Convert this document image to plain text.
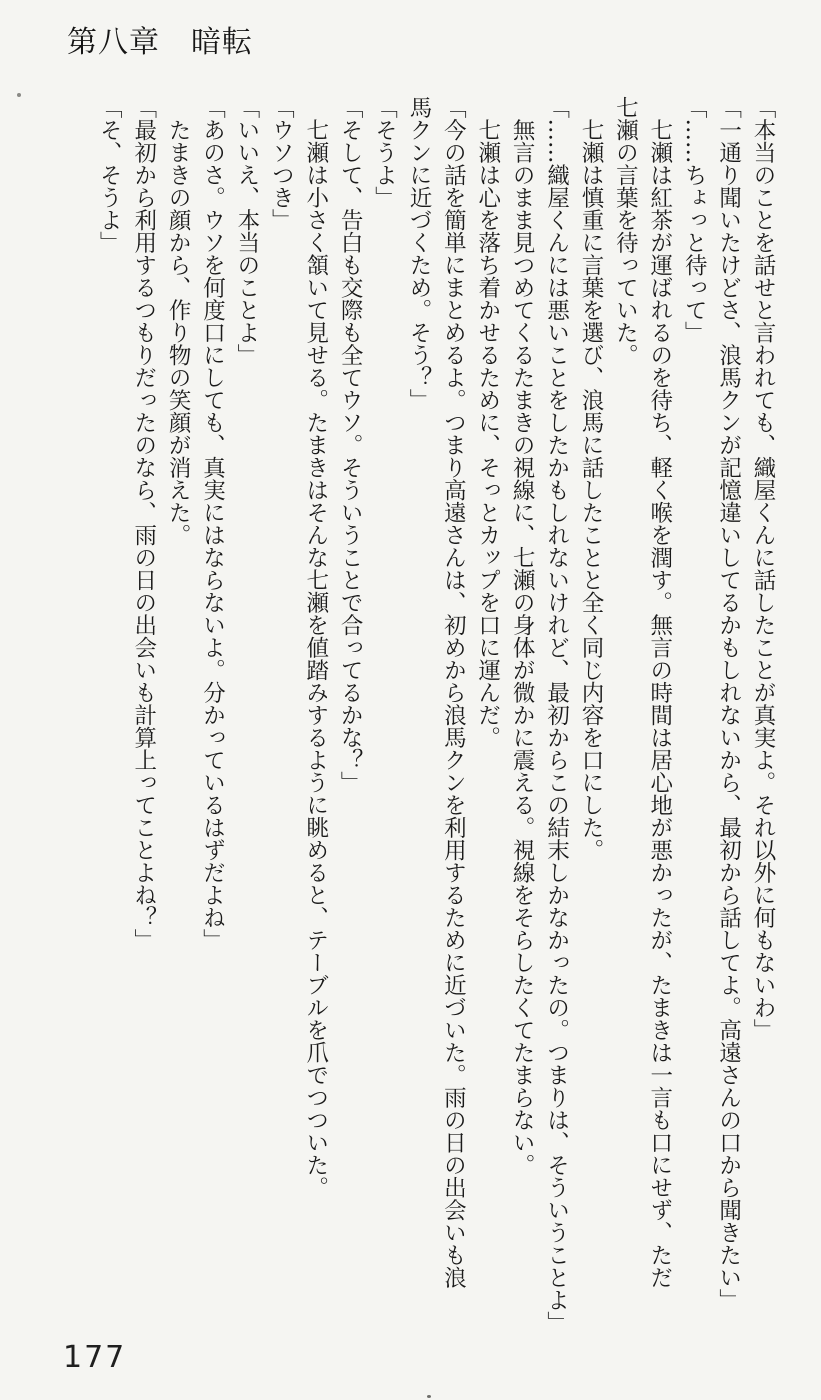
第八章　暗転
「本当のことを話せと言われても、織屋くんに話したことが真実よ。それ以外に何もないわ」
「一通り聞いたけどさ、浪馬クンが記憶違いしてるかもしれないから、最初から話してよ。高遠さんの口から聞きたい」
「……ちょっと待って」
　七瀬は紅茶が運ばれるのを待ち、軽く喉を潤す。無言の時間は居心地が悪かったが、たまきは一言も口にせず、ただ
七瀬の言葉を待っていた。
　七瀬は慎重に言葉を選び、浪馬に話したことと全く同じ内容を口にした。
「……織屋くんには悪いことをしたかもしれないけれど、最初からこの結末しかなかったの。つまりは、そういうことよ」
　無言のまま見つめてくるたまきの視線に、七瀬の身体が微かに震える。視線をそらしたくてたまらない。
　七瀬は心を落ち着かせるために、そっとカップを口に運んだ。
「今の話を簡単にまとめるよ。つまり高遠さんは、初めから浪馬クンを利用するために近づいた。雨の日の出会いも浪
馬クンに近づくため。そう？」
「そうよ」
「そして、告白も交際も全てウソ。そういうことで合ってるかな？」
　七瀬は小さく頷いて見せる。たまきはそんな七瀬を値踏みするように眺めると、テーブルを爪でつついた。
「ウソつき」
「いいえ、本当のことよ」
「あのさ。ウソを何度口にしても、真実にはならないよ。分かっているはずだよね」
　たまきの顔から、作り物の笑顔が消えた。
「最初から利用するつもりだったのなら、雨の日の出会いも計算上ってことよね？」
「そ、そうよ」
177
